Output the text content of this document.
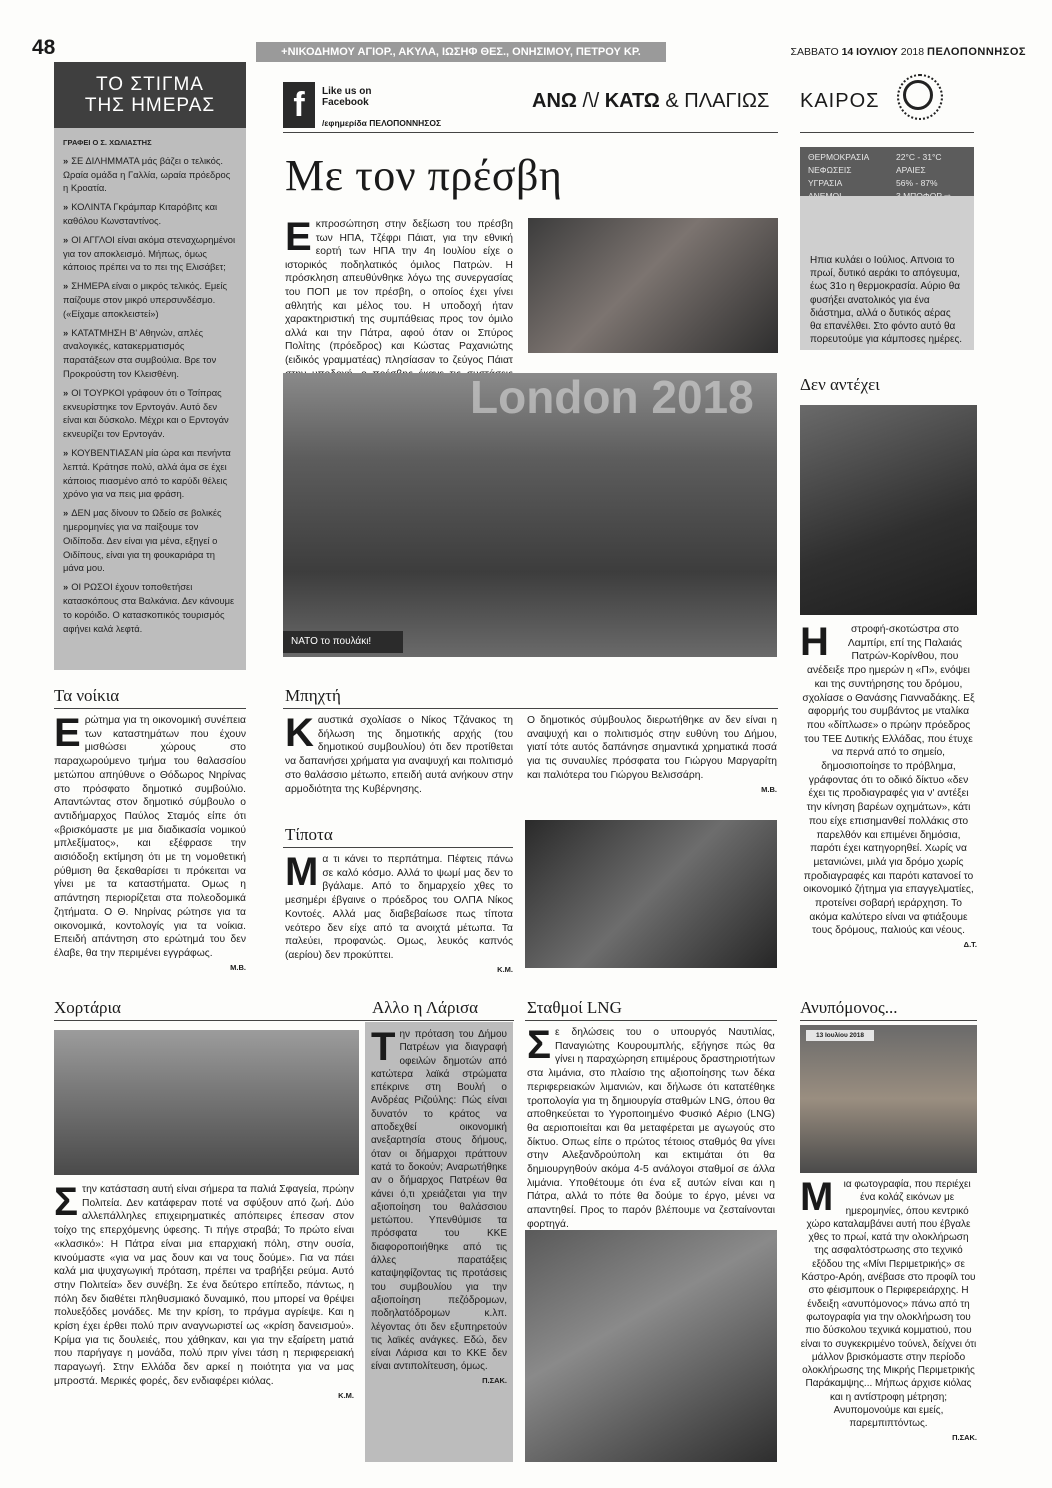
48	+ΝΙΚΟΔΗΜΟΥ ΑΓΙΟΡ., ΑΚΥΛΑ, ΙΩΣΗΦ ΘΕΣ., ΟΝΗΣΙΜΟΥ, ΠΕΤΡΟΥ ΚΡ.	ΣΑΒΒΑΤΟ 14 ΙΟΥΛΙΟΥ 2018 ΠΕΛΟΠΟΝΝΗΣΟΣ
ΤΟ ΣΤΙΓΜΑ
ΤΗΣ ΗΜΕΡΑΣ
ΓΡΑΦΕΙ Ο Σ. ΧΩΛΙΑΣΤΗΣ
» ΣΕ ΔΙΛΗΜΜΑΤΑ μάς βάζει ο τελικός. Ωραία ομάδα η Γαλλία, ωραία πρόεδρος η Κροατία.
» ΚΟΛΙΝΤΑ Γκράμπαρ Κιταρόβιτς και καθόλου Κωνσταντίνος.
» ΟΙ ΑΓΓΛΟΙ είναι ακόμα στεναχωρημένοι για τον αποκλεισμό. Μήπως, όμως κάποιος πρέπει να το πει της Ελισάβετ;
» ΣΗΜΕΡΑ είναι ο μικρός τελικός. Εμείς παίζουμε στον μικρό υπερσυνδέσμο. («Είχαμε αποκλειστεί»)
» ΚΑΤΑΤΜΗΣΗ Β' Αθηνών, απλές αναλογικές, κατακερματισμός παρατάξεων στα συμβούλια. Βρε τον Προκρούστη τον Κλεισθένη.
» ΟΙ ΤΟΥΡΚΟΙ γράφουν ότι ο Τσίπρας εκνευρίστηκε τον Ερντογάν. Αυτό δεν είναι και δύσκολο. Μέχρι και ο Ερντογάν εκνευρίζει τον Ερντογάν.
» ΚΟΥΒΕΝΤΙΑΣΑΝ μία ώρα και πενήντα λεπτά. Κράτησε πολύ, αλλά άμα σε έχει κάποιος πιασμένο από το καρύδι θέλεις χρόνο για να πεις μια φράση.
» ΔΕΝ μας δίνουν το Ωδείο σε βολικές ημερομηνίες για να παίξουμε τον Οιδίποδα. Δεν είναι για μένα, εξηγεί ο Οιδίπους, είναι για τη φουκαριάρα τη μάνα μου.
» ΟΙ ΡΩΣΟΙ έχουν τοποθετήσει κατασκόπους στα Βαλκάνια. Δεν κάνουμε το κορόιδο. Ο κατασκοπικός τουρισμός αφήνει καλά λεφτά.
f	Like us on
Facebook
/εφημερίδα ΠΕΛΟΠΟΝΝΗΣΟΣ
ΑΝΩ /\/ ΚΑΤΩ & ΠΛΑΓΙΩΣ
Με τον πρέσβη
Εκπροσώπηση στην δεξίωση του πρέσβη των ΗΠΑ, Τζέφρι Πάιατ, για την εθνική εορτή των ΗΠΑ την 4η Ιουλίου είχε ο ιστορικός ποδηλατικός όμιλος Πατρών. Η πρόσκληση απευθύνθηκε λόγω της συνεργασίας του ΠΟΠ με τον πρέσβη, ο οποίος έχει γίνει αθλητής και μέλος του. Η υποδοχή ήταν χαρακτηριστική της συμπάθειας προς τον όμιλο αλλά και την Πάτρα, αφού όταν οι Σπύρος Πολίτης (πρόεδρος) και Κώστας Ραχανιώτης (ειδικός γραμματέας) πλησίασαν το ζεύγος Πάιατ
London 2018
ΝΑΤΟ το πουλάκι!
ΚΑΙΡΟΣ
ΘΕΡΜΟΚΡΑΣΙΑ	22°C - 31°C
ΝΕΦΩΣΕΙΣ	ΑΡΑΙΕΣ
ΥΓΡΑΣΙΑ	56% - 87%
Ηπια κυλάει ο Ιούλιος. Απνοια το πρωί, δυτικό αεράκι το απόγευμα, έως 31ο η θερμοκρασία. Αύριο θα φυσήξει ανατολικός για ένα διάστημα, αλλά ο δυτικός αέρας θα επανέλθει. Στο φόντο αυτό θα πορευτούμε για κάμποσες ημέρες.
Δεν αντέχει
Η στροφή-σκοτώστρα στο Λαμπίρι, επί της Παλαιάς Πατρών-Κορίνθου, που ανέδειξε προ ημερών η «Π», ενόψει και της συντήρησης του δρόμου, σχολίασε ο Θανάσης Γιανναδάκης. Εξ αφορμής του συμβάντος με νταλίκα που «δίπλωσε» ο πρώην πρόεδρος του ΤΕΕ Δυτικής Ελλάδας, που έτυχε να περνά από το σημείο, δημοσιοποίησε το πρόβλημα, γράφοντας ότι το οδικό δίκτυο «δεν έχει τις προδιαγραφές για ν' αντέξει την κίνηση βαρέων οχημάτων», κάτι που είχε επισημανθεί πολλάκις στο παρελθόν και επιμένει δημόσια, παρότι έχει κατηγορηθεί. Χωρίς να μετανιώνει, μιλά για δρόμο χωρίς προδιαγραφές και παρότι κατανοεί το οικονομικό ζήτημα για επαγγελματίες, προτείνει σοβαρή ιεράρχηση. Το ακόμα καλύτερο είναι να φτιάξουμε τους δρόμους, παλιούς και νέους.
Δ.Τ.
Τα νοίκια
Ερώτημα για τη οικονομική συνέπεια των καταστημάτων που έχουν μισθώσει χώρους στο παραχωρούμενο τμήμα του θαλασσίου μετώπου απηύθυνε ο Θόδωρος Νηρίνας στο πρόσφατο δημοτικό συμβούλιο. Απαντώντας στον δημοτικό σύμβουλο ο αντιδήμαρχος Παύλος Σταμός είπε ότι «βρισκόμαστε με μια διαδικασία νομικού μπλεξίματος», και εξέφρασε την αισιόδοξη εκτίμηση ότι με τη νομοθετική ρύθμιση θα ξεκαθαρίσει τι πρόκειται να γίνει με τα καταστήματα. Ομως η απάντηση περιορίζεται στα πολεοδομικά ζητήματα. Ο Θ. Νηρίνας ρώτησε για τα οικονομικά, κοντολογίς για τα νοίκια. Επειδή απάντηση στο ερώτημά του δεν έλαβε, θα την περιμένει εγγράφως.
Μ.Β.
Μπηχτή
Καυστικά σχολίασε ο Νίκος Τζάνακος τη δήλωση της δημοτικής αρχής (του δημοτικού συμβουλίου) ότι δεν προτίθεται να δαπανήσει χρήματα για αναψυχή και πολιτισμό στο θαλάσσιο μέτωπο, επειδή αυτά ανήκουν στην αρμοδιότητα της Κυβέρνησης.
Ο δημοτικός σύμβουλος διερωτήθηκε αν δεν είναι η αναψυχή και ο πολιτισμός στην ευθύνη του Δήμου, γιατί τότε αυτός δαπάνησε σημαντικά χρηματικά ποσά για τις συναυλίες πρόσφατα του Γιώργου Μαργαρίτη και παλιότερα του Γιώργου Βελισσάρη.
Μ.Β.
Τίποτα
Μα τι κάνει το περπάτημα. Πέφτεις πάνω σε καλό κόσμο. Αλλά το ψωμί μας δεν το βγάλαμε. Από το δημαρχείο χθες το μεσημέρι έβγαινε ο πρόεδρος του ΟΛΠΑ Νίκος Κοντοές. Αλλά μας διαβεβαίωσε πως τίποτα νεότερο δεν είχε από τα ανοιχτά μέτωπα. Τα παλεύει, προφανώς. Ομως, λευκός καπνός (αερίου) δεν προκύπτει.
Κ.Μ.
Χορτάρια
Στην κατάσταση αυτή είναι σήμερα τα παλιά Σφαγεία, πρώην Πολιτεία. Δεν κατάφεραν ποτέ να σφύξουν από ζωή. Δύο αλλεπάλληλες επιχειρηματικές απόπειρες έπεσαν στον τοίχο της επερχόμενης ύφεσης. Τι πήγε στραβά; Το πρώτο είναι «κλασικό»: Η Πάτρα είναι μια επαρχιακή πόλη, στην ουσία, κινούμαστε «για να μας δουν και να τους δούμε». Για να πάει καλά μια ψυχαγωγική πρόταση, πρέπει να τραβήξει ρεύμα. Αυτό στην Πολιτεία» δεν συνέβη. Σε ένα δεύτερο επίπεδο, πάντως, η πόλη δεν διαθέτει πληθυσμιακό δυναμικό, που μπορεί να θρέψει πολυεξόδες μονάδες. Με την κρίση, το πράγμα αγρίεψε. Και η κρίση έχει έρθει πολύ πριν αναγνωριστεί ως «κρίση δανεισμού». Κρίμα για τις δουλειές, που χάθηκαν, και για την εξαίρετη ματιά που παρήγαγε η μονάδα, πολύ πριν γίνει τάση η περιφερειακή παραγωγή. Στην Ελλάδα δεν αρκεί η ποιότητα για να μας μπροστά. Μερικές φορές, δεν ενδιαφέρει κιόλας.
Κ.Μ.
Αλλο η Λάρισα
Την πρόταση του Δήμου Πατρέων για διαγραφή οφειλών δημοτών από κατώτερα λαϊκά στρώματα επέκρινε στη Βουλή ο Ανδρέας Ριζούλης: Πώς είναι δυνατόν το κράτος να αποδεχθεί οικονομική ανεξαρτησία στους δήμους, όταν οι δήμαρχοι πράττουν κατά το δοκούν; Αναρωτήθηκε αν ο δήμαρχος Πατρέων θα κάνει ό,τι χρειάζεται για την αξιοποίηση του θαλάσσιου μετώπου. Υπενθύμισε τα πρόσφατα του ΚΚΕ διαφοροποιήθηκε από τις άλλες παρατάξεις καταψηφίζοντας τις προτάσεις του συμβουλίου για την αξιοποίηση πεζόδρομων, ποδηλατόδρομων κ.λπ. λέγοντας ότι δεν εξυπηρετούν τις λαϊκές ανάγκες. Εδώ, δεν είναι Λάρισα και το ΚΚΕ δεν είναι αντιπολίτευση, όμως.
Π.ΣΑΚ.
Σταθμοί LNG
Σε δηλώσεις του ο υπουργός Ναυτιλίας, Παναγιώτης Κουρουμπλής, εξήγησε πώς θα γίνει η παραχώρηση επιμέρους δραστηριοτήτων στα λιμάνια, στο πλαίσιο της αξιοποίησης των δέκα περιφερειακών λιμανιών, και δήλωσε ότι κατατέθηκε τροπολογία για τη δημιουργία σταθμών LNG, όπου θα αποθηκεύεται το Υγροποιημένο Φυσικό Αέριο (LNG) θα αεριοποιείται και θα μεταφέρεται με αγωγούς στο δίκτυο. Οπως είπε ο πρώτος τέτοιος σταθμός θα γίνει στην Αλεξανδρούπολη και εκτιμάται ότι θα δημιουργηθούν ακόμα 4-5 ανάλογοι σταθμοί σε άλλα λιμάνια. Υποθέτουμε ότι ένα εξ αυτών είναι και η Πάτρα, αλλά το πότε θα δούμε το έργο, μένει να απαντηθεί. Προς το παρόν βλέπουμε να ζεσταίνονται φορτηγά.
Ανυπόμονος...
13 Ιουλίου 2018
Μ ια φωτογραφία, που περιέχει ένα κολάζ εικόνων με ημερομηνίες, όπου κεντρικό χώρο καταλαμβάνει αυτή που έβγαλε χθες το πρωί, κατά την ολοκλήρωση της ασφαλτόστρωσης στο τεχνικό εξόδου της «Μίνι Περιμετρικής» σε Κάστρο-Αρόη, ανέβασε στο προφίλ του στο φέισμπουκ ο Περιφερειάρχης. Η ένδειξη «ανυπόμονος» πάνω από τη φωτογραφία για την ολοκλήρωση του πιο δύσκολου τεχνικά κομματιού, που είναι το συγκεκριμένο τούνελ, δείχνει ότι μάλλον βρισκόμαστε στην περίοδο ολοκλήρωσης της Μικρής Περιμετρικής Παράκαμψης... Μήπως άρχισε κιόλας και η αντίστροφη μέτρηση; Ανυπομονούμε και εμείς, παρεμπιπτόντως.
Π.ΣΑΚ.
